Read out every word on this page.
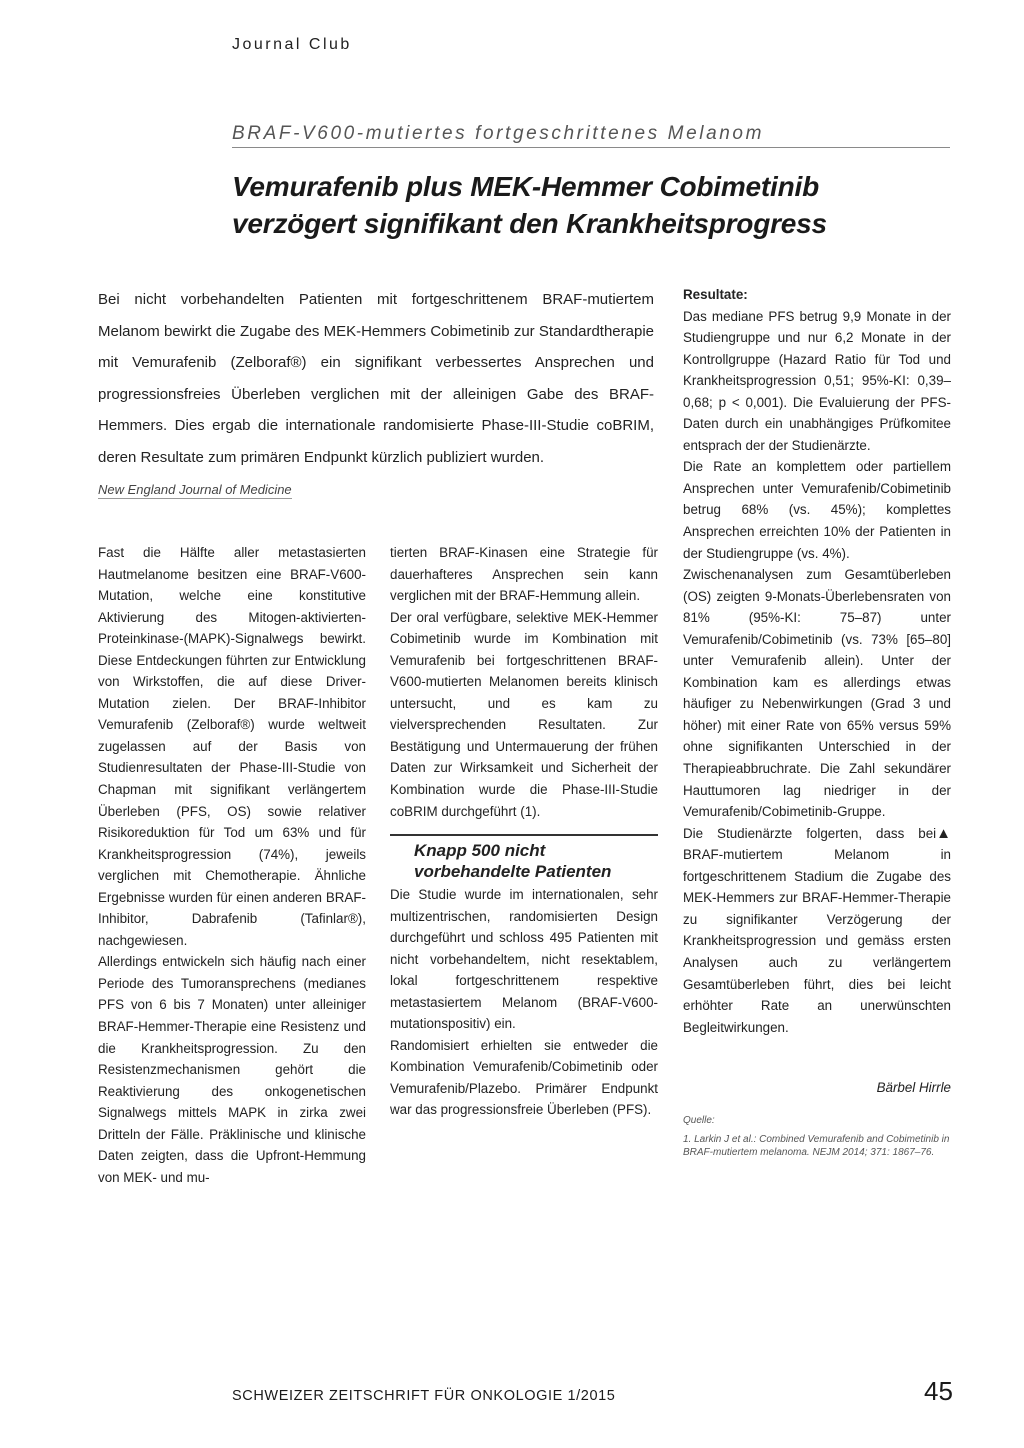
Journal Club
BRAF-V600-mutiertes fortgeschrittenes Melanom
Vemurafenib plus MEK-Hemmer Cobimetinib
verzögert signifikant den Krankheitsprogress
Bei nicht vorbehandelten Patienten mit fortgeschrittenem BRAF-mutiertem Melanom bewirkt die Zugabe des MEK-Hemmers Cobimetinib zur Standardtherapie mit Vemurafenib (Zelboraf®) ein signifikant verbessertes Ansprechen und progressionsfreies Überleben verglichen mit der alleinigen Gabe des BRAF-Hemmers. Dies ergab die internationale randomisierte Phase-III-Studie coBRIM, deren Resultate zum primären Endpunkt kürzlich publiziert wurden.
New England Journal of Medicine

Fast die Hälfte aller metastasierten Hautmelanome besitzen eine BRAF-V600-Mutation, welche eine konstitutive Aktivierung des Mitogen-aktivierten-Proteinkinase-(MAPK)-Signalwegs bewirkt. Diese Entdeckungen führten zur Entwicklung von Wirkstoffen, die auf diese Driver-Mutation zielen. Der BRAF-Inhibitor Vemurafenib (Zelboraf®) wurde weltweit zugelassen auf der Basis von Studienresultaten der Phase-III-Studie von Chapman mit signifikant verlängertem Überleben (PFS, OS) sowie relativer Risikoreduktion für Tod um 63% und für Krankheitsprogression (74%), jeweils verglichen mit Chemotherapie. Ähnliche Ergebnisse wurden für einen anderen BRAF-Inhibitor, Dabrafenib (Tafinlar®), nachgewiesen.

Allerdings entwickeln sich häufig nach einer Periode des Tumoransprechens (medianes PFS von 6 bis 7 Monaten) unter alleiniger BRAF-Hemmer-Therapie eine Resistenz und die Krankheitsprogression. Zu den Resistenzmechanismen gehört die Reaktivierung des onkogenetischen Signalwegs mittels MAPK in zirka zwei Dritteln der Fälle. Präklinische und klinische Daten zeigten, dass die Upfront-Hemmung von MEK- und mu-

tierten BRAF-Kinasen eine Strategie für dauerhafteres Ansprechen sein kann verglichen mit der BRAF-Hemmung allein.

Der oral verfügbare, selektive MEK-Hemmer Cobimetinib wurde im Kombination mit Vemurafenib bei fortgeschrittenen BRAF-V600-mutierten Melanomen bereits klinisch untersucht, und es kam zu vielversprechenden Resultaten. Zur Bestätigung und Untermauerung der frühen Daten zur Wirksamkeit und Sicherheit der Kombination wurde die Phase-III-Studie coBRIM durchgeführt (1).

Knapp 500 nicht vorbehandelte Patienten

Die Studie wurde im internationalen, sehr multizentrischen, randomisierten Design durchgeführt und schloss 495 Patienten mit nicht vorbehandeltem, nicht resektablem, lokal fortgeschrittenem respektive metastasiertem Melanom (BRAF-V600-mutationspositiv) ein.

Randomisiert erhielten sie entweder die Kombination Vemurafenib/Cobimetinib oder Vemurafenib/Plazebo. Primärer Endpunkt war das progressionsfreie Überleben (PFS).

Resultate:

Das mediane PFS betrug 9,9 Monate in der Studiengruppe und nur 6,2 Monate in der Kontrollgruppe (Hazard Ratio für Tod und Krankheitsprogression 0,51; 95%-KI: 0,39–0,68; p < 0,001). Die Evaluierung der PFS-Daten durch ein unabhängiges Prüfkomitee entsprach der der Studienärzte.

Die Rate an komplettem oder partiellem Ansprechen unter Vemurafenib/Cobimetinib betrug 68% (vs. 45%); komplettes Ansprechen erreichten 10% der Patienten in der Studiengruppe (vs. 4%).

Zwischenanalysen zum Gesamtüberleben (OS) zeigten 9-Monats-Überlebensraten von 81% (95%-KI: 75–87) unter Vemurafenib/Cobimetinib (vs. 73% [65–80] unter Vemurafenib allein). Unter der Kombination kam es allerdings etwas häufiger zu Nebenwirkungen (Grad 3 und höher) mit einer Rate von 65% versus 59% ohne signifikanten Unterschied in der Therapieabbruchrate. Die Zahl sekundärer Hauttumoren lag niedriger in der Vemurafenib/Cobimetinib-Gruppe.

▲
Die Studienärzte folgerten, dass bei BRAF-mutiertem Melanom in fortgeschrittenem Stadium die Zugabe des MEK-Hemmers zur BRAF-Hemmer-Therapie zu signifikanter Verzögerung der Krankheitsprogression und gemäss ersten Analysen auch zu verlängertem Gesamtüberleben führt, dies bei leicht erhöhter Rate an unerwünschten Begleitwirkungen.

Bärbel Hirrle
Quelle:
1. Larkin J et al.: Combined Vemurafenib and Cobimetinib in BRAF-mutiertem melanoma. NEJM 2014; 371: 1867–76.
SCHWEIZER ZEITSCHRIFT FÜR ONKOLOGIE 1/2015	45
